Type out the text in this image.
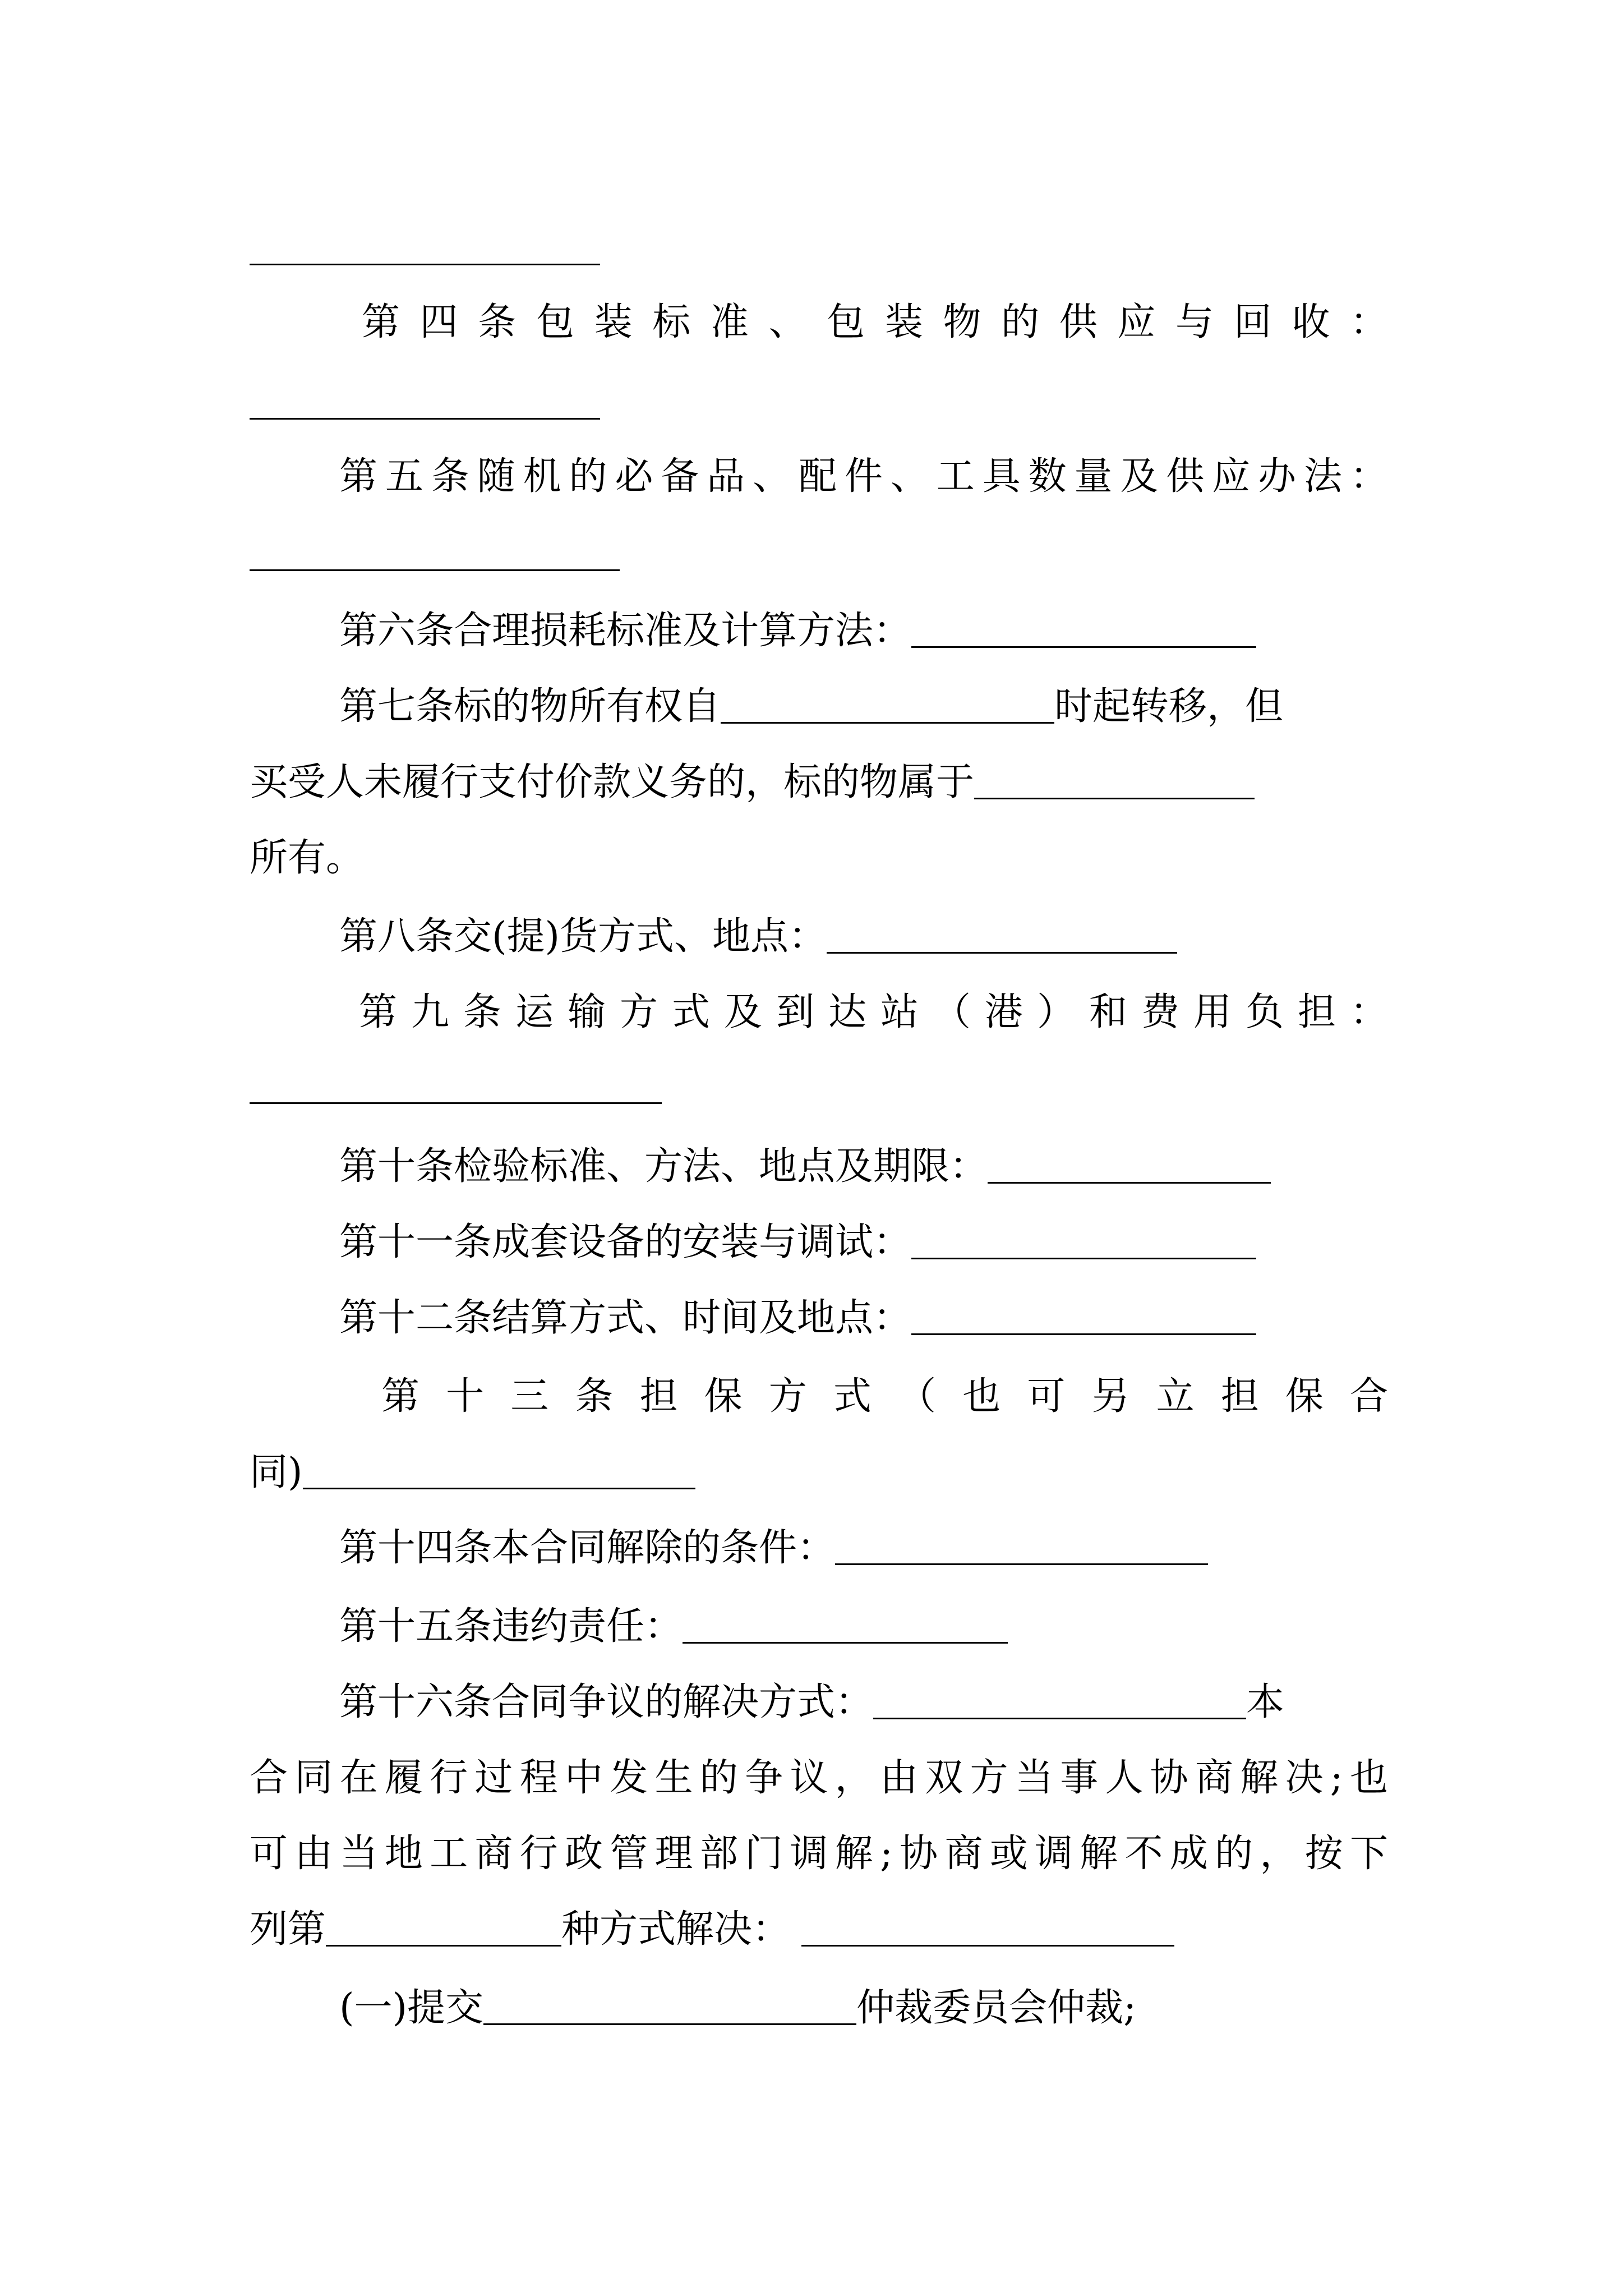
第四条包装标准、包装物的供应与回收：
第五条随机的必备品、配件、工具数量及供应办法：
第六条合理损耗标准及计算方法：
第七条标的物所有权自	时起转移，但
买受人未履行支付价款义务的，标的物属于
所有。
第八条交(提)货方式、地点：
第九条运输方式及到达站（港）和费用负担：
第十条检验标准、方法、地点及期限：
第十一条成套设备的安装与调试：
第十二条结算方式、时间及地点：
第十三条担保方式（也可另立担保合
同)
第十四条本合同解除的条件：
第十五条违约责任：
第十六条合同争议的解决方式：	本
合同在履行过程中发生的争议，由双方当事人协商解决;也
可由当地工商行政管理部门调解;协商或调解不成的，按下
列第	种方式解决：
(一)提交	仲裁委员会仲裁;
